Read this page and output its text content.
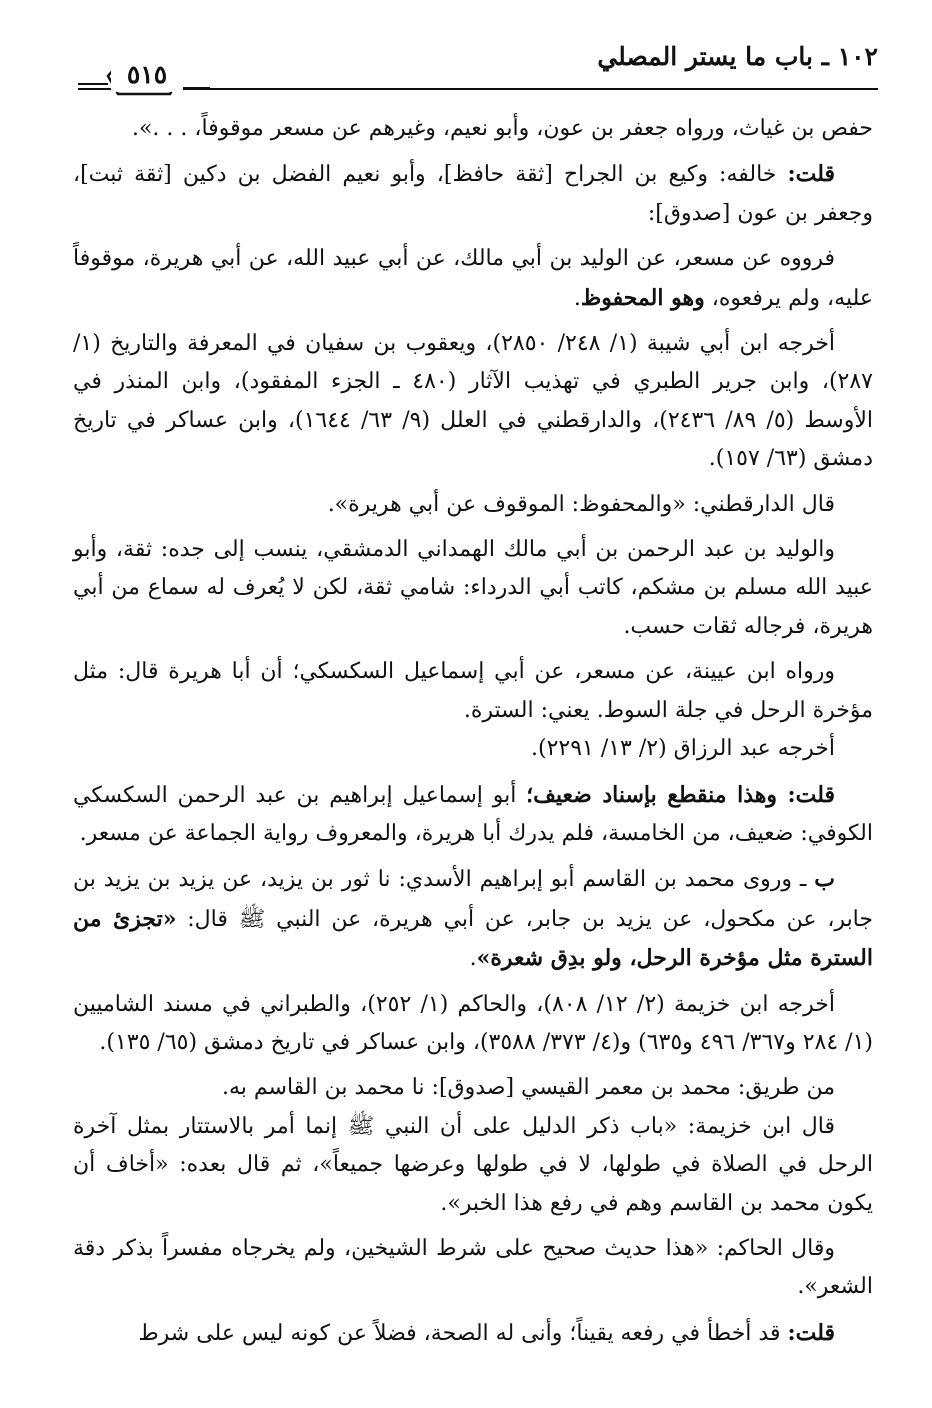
١٠٢ ـ باب ما يستر المصلي
٥١٥

حفص بن غياث، ورواه جعفر بن عون، وأبو نعيم، وغيرهم عن مسعر موقوفاً، . . .».

قلت: خالفه: وكيع بن الجراح [ثقة حافظ]، وأبو نعيم الفضل بن دكين [ثقة ثبت]، وجعفر بن عون [صدوق]:

فرووه عن مسعر، عن الوليد بن أبي مالك، عن أبي عبيد الله، عن أبي هريرة، موقوفاً عليه، ولم يرفعوه، وهو المحفوظ.

أخرجه ابن أبي شيبة (١/ ٢٤٨/ ٢٨٥٠)، ويعقوب بن سفيان في المعرفة والتاريخ (١/ ٢٨٧)، وابن جرير الطبري في تهذيب الآثار (٤٨٠ ـ الجزء المفقود)، وابن المنذر في الأوسط (٥/ ٨٩/ ٢٤٣٦)، والدارقطني في العلل (٩/ ٦٣/ ١٦٤٤)، وابن عساكر في تاريخ دمشق (٦٣/ ١٥٧).

قال الدارقطني: «والمحفوظ: الموقوف عن أبي هريرة».

والوليد بن عبد الرحمن بن أبي مالك الهمداني الدمشقي، ينسب إلى جده: ثقة، وأبو عبيد الله مسلم بن مشكم، كاتب أبي الدرداء: شامي ثقة، لكن لا يُعرف له سماع من أبي هريرة، فرجاله ثقات حسب.

ورواه ابن عيينة، عن مسعر، عن أبي إسماعيل السكسكي؛ أن أبا هريرة قال: مثل مؤخرة الرحل في جلة السوط. يعني: السترة.

أخرجه عبد الرزاق (٢/ ١٣/ ٢٢٩١).

قلت: وهذا منقطع بإسناد ضعيف؛ أبو إسماعيل إبراهيم بن عبد الرحمن السكسكي الكوفي: ضعيف، من الخامسة، فلم يدرك أبا هريرة، والمعروف رواية الجماعة عن مسعر.

ب ـ وروى محمد بن القاسم أبو إبراهيم الأسدي: نا ثور بن يزيد، عن يزيد بن يزيد بن جابر، عن مكحول، عن يزيد بن جابر، عن أبي هريرة، عن النبي ﷺ قال: «تجزئ من السترة مثل مؤخرة الرحل، ولو بدِق شعرة».

أخرجه ابن خزيمة (٢/ ١٢/ ٨٠٨)، والحاكم (١/ ٢٥٢)، والطبراني في مسند الشاميين (١/ ٢٨٤ و٣٦٧/ ٤٩٦ و٦٣٥) و(٤/ ٣٧٣/ ٣٥٨٨)، وابن عساكر في تاريخ دمشق (٦٥/ ١٣٥).

من طريق: محمد بن معمر القيسي [صدوق]: نا محمد بن القاسم به.

قال ابن خزيمة: «باب ذكر الدليل على أن النبي ﷺ إنما أمر بالاستتار بمثل آخرة الرحل في الصلاة في طولها، لا في طولها وعرضها جميعاً»، ثم قال بعده: «أخاف أن يكون محمد بن القاسم وهم في رفع هذا الخبر».

وقال الحاكم: «هذا حديث صحيح على شرط الشيخين، ولم يخرجاه مفسراً بذكر دقة الشعر».

قلت: قد أخطأ في رفعه يقيناً؛ وأنى له الصحة، فضلاً عن كونه ليس على شرط
